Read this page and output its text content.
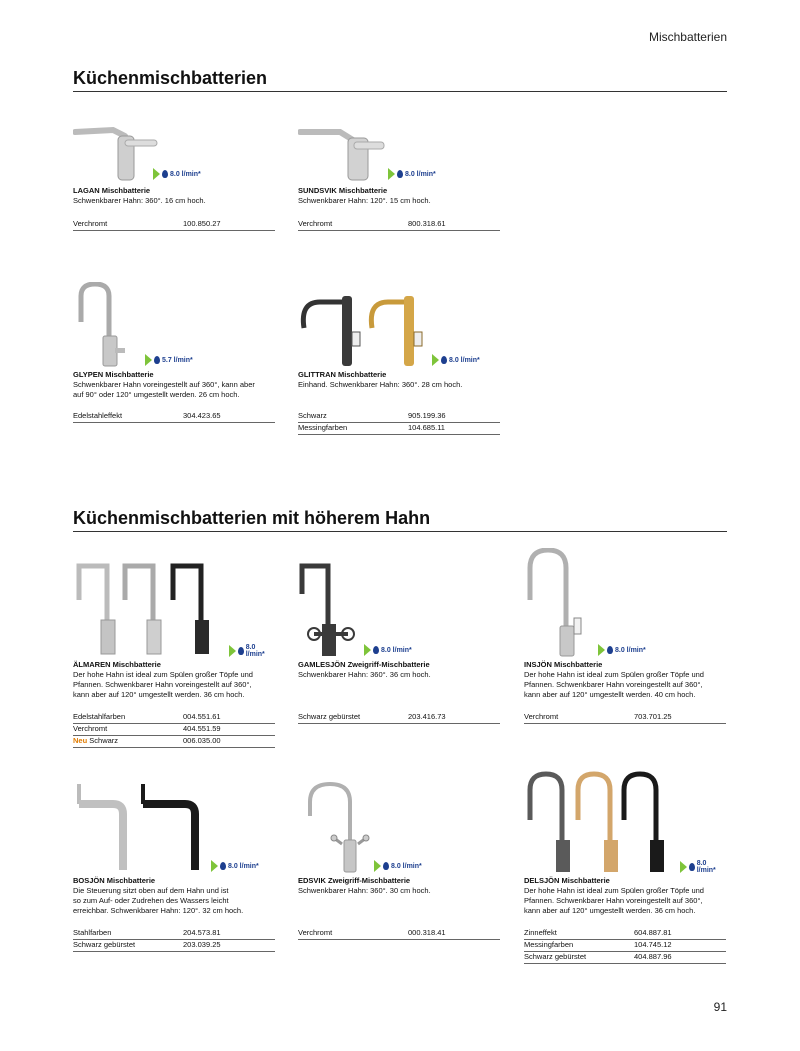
Mischbatterien
Küchenmischbatterien
8.0 l/min*
LAGAN Mischbatterie
Schwenkbarer Hahn: 360°. 16 cm hoch.
Verchromt	100.850.27
8.0 l/min*
SUNDSVIK Mischbatterie
Schwenkbarer Hahn: 120°. 15 cm hoch.
Verchromt	800.318.61
5.7 l/min*
GLYPEN Mischbatterie
Schwenkbarer Hahn voreingestellt auf 360°, kann aber
auf 90° oder 120° umgestellt werden. 26 cm hoch.
Edelstahleffekt	304.423.65
8.0 l/min*
GLITTRAN Mischbatterie
Einhand. Schwenkbarer Hahn: 360°. 28 cm hoch.
Schwarz	905.199.36
Messingfarben	104.685.11
Küchenmischbatterien mit höherem Hahn
8.0 l/min*
ÄLMAREN Mischbatterie
Der hohe Hahn ist ideal zum Spülen großer Töpfe und
Pfannen. Schwenkbarer Hahn voreingestellt auf 360°,
kann aber auf 120° umgestellt werden. 36 cm hoch.
Edelstahlfarben	004.551.61
Verchromt	404.551.59
Neu Schwarz	006.035.00
8.0 l/min*
GAMLESJÖN Zweigriff-Mischbatterie
Schwenkbarer Hahn: 360°. 36 cm hoch.
Schwarz gebürstet	203.416.73
8.0 l/min*
INSJÖN Mischbatterie
Der hohe Hahn ist ideal zum Spülen großer Töpfe und
Pfannen. Schwenkbarer Hahn voreingestellt auf 360°,
kann aber auf 120° umgestellt werden. 40 cm hoch.
Verchromt	703.701.25
8.0 l/min*
BOSJÖN Mischbatterie
Die Steuerung sitzt oben auf dem Hahn und ist
so zum Auf- oder Zudrehen des Wassers leicht
erreichbar. Schwenkbarer Hahn: 120°. 32 cm hoch.
Stahlfarben	204.573.81
Schwarz gebürstet	203.039.25
8.0 l/min*
EDSVIK Zweigriff-Mischbatterie
Schwenkbarer Hahn: 360°. 30 cm hoch.
Verchromt	000.318.41
8.0 l/min*
DELSJÖN Mischbatterie
Der hohe Hahn ist ideal zum Spülen großer Töpfe und
Pfannen. Schwenkbarer Hahn voreingestellt auf 360°,
kann aber auf 120° umgestellt werden. 36 cm hoch.
Zinneffekt	604.887.81
Messingfarben	104.745.12
Schwarz gebürstet	404.887.96
91
